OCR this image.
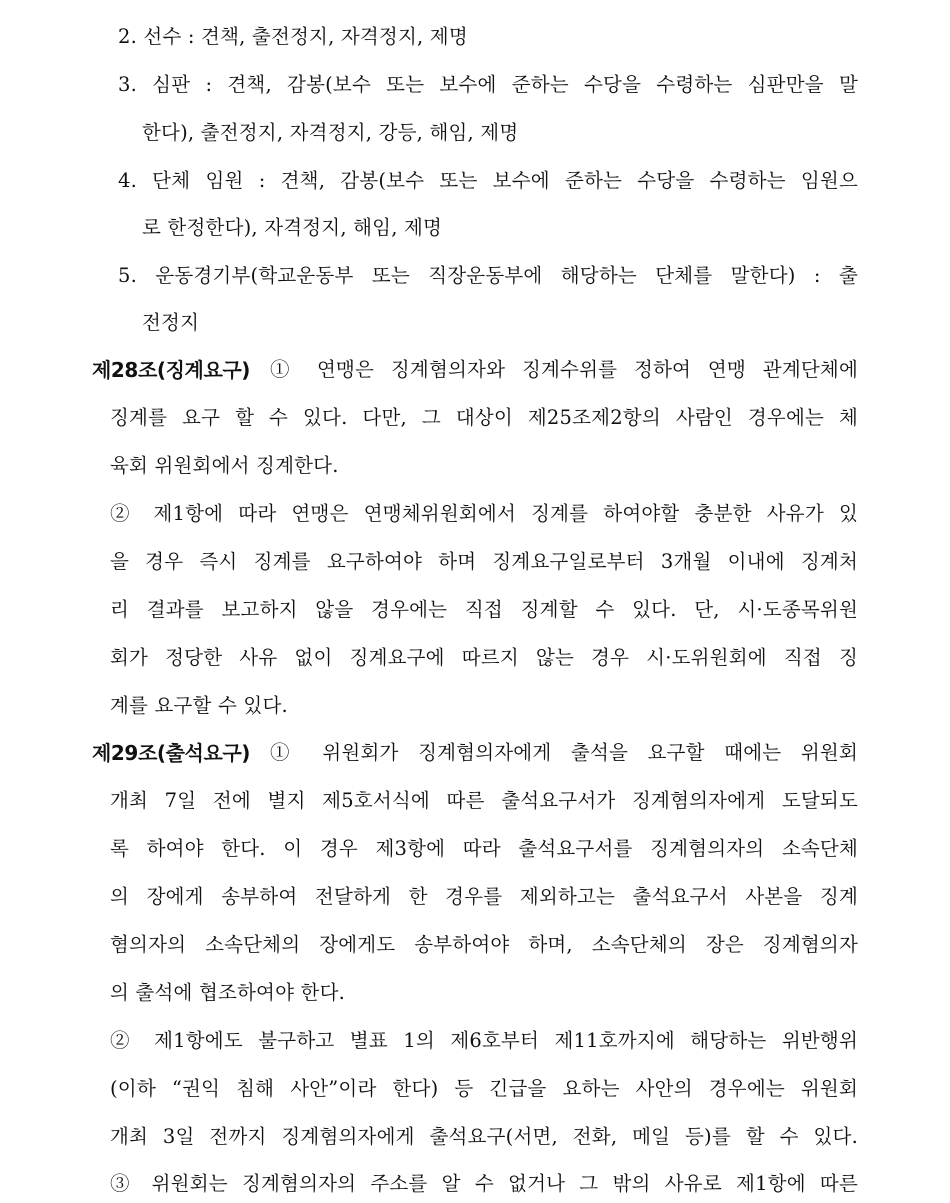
2. 선수 : 견책, 출전정지, 자격정지, 제명
3. 심판 : 견책, 감봉(보수 또는 보수에 준하는 수당을 수령하는 심판만을 말
한다), 출전정지, 자격정지, 강등, 해임, 제명
4. 단체 임원 : 견책, 감봉(보수 또는 보수에 준하는 수당을 수령하는 임원으
로 한정한다), 자격정지, 해임, 제명
5. 운동경기부(학교운동부 또는 직장운동부에 해당하는 단체를 말한다) : 출
전정지
제28조(징계요구) ① 연맹은 징계혐의자와 징계수위를 정하여 연맹 관계단체에
징계를 요구 할 수 있다. 다만, 그 대상이 제25조제2항의 사람인 경우에는 체
육회 위원회에서 징계한다.
② 제1항에 따라 연맹은 연맹체위원회에서 징계를 하여야할 충분한 사유가 있
을 경우 즉시 징계를 요구하여야 하며 징계요구일로부터 3개월 이내에 징계처
리 결과를 보고하지 않을 경우에는 직접 징계할 수 있다. 단, 시·도종목위원
회가 정당한 사유 없이 징계요구에 따르지 않는 경우 시·도위원회에 직접 징
계를 요구할 수 있다.
제29조(출석요구) ① 위원회가 징계혐의자에게 출석을 요구할 때에는 위원회
개최 7일 전에 별지 제5호서식에 따른 출석요구서가 징계혐의자에게 도달되도
록 하여야 한다. 이 경우 제3항에 따라 출석요구서를 징계혐의자의 소속단체
의 장에게 송부하여 전달하게 한 경우를 제외하고는 출석요구서 사본을 징계
혐의자의 소속단체의 장에게도 송부하여야 하며, 소속단체의 장은 징계혐의자
의 출석에 협조하여야 한다.
② 제1항에도 불구하고 별표 1의 제6호부터 제11호까지에 해당하는 위반행위
(이하 “권익 침해 사안”이라 한다) 등 긴급을 요하는 사안의 경우에는 위원회
개최 3일 전까지 징계혐의자에게 출석요구(서면, 전화, 메일 등)를 할 수 있다.
③ 위원회는 징계혐의자의 주소를 알 수 없거나 그 밖의 사유로 제1항에 따른
